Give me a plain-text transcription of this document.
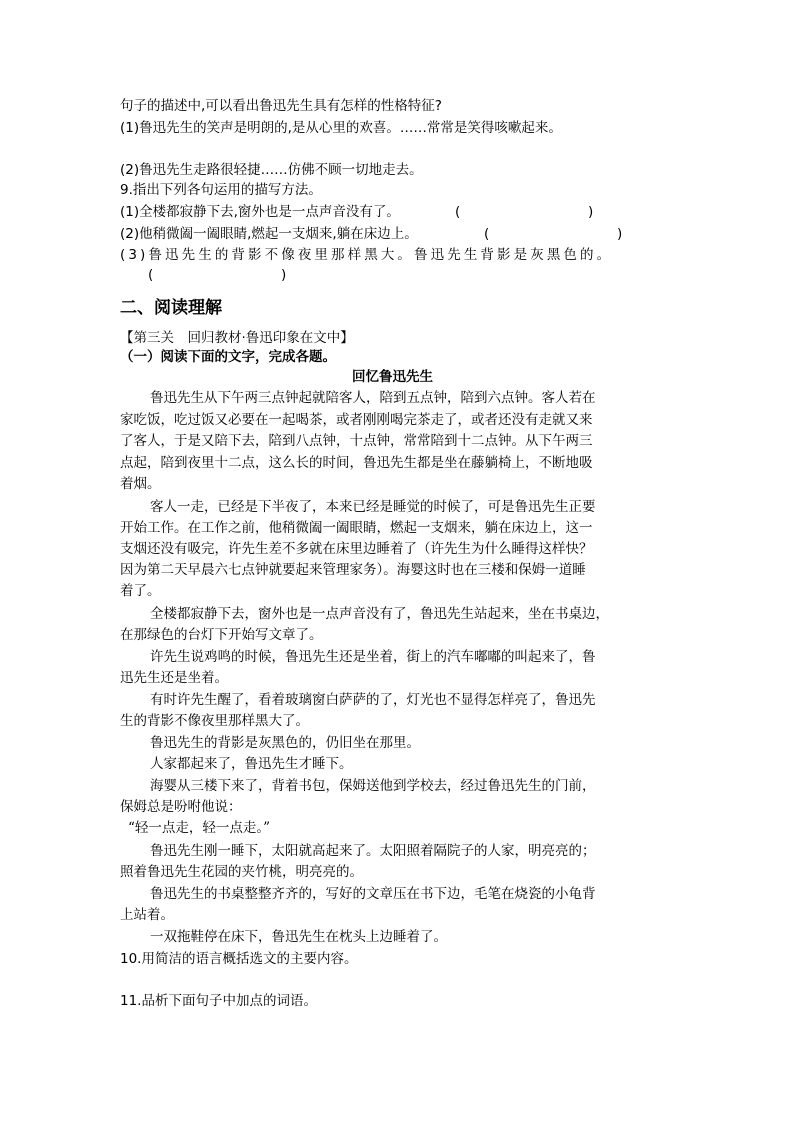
句子的描述中,可以看出鲁迅先生具有怎样的性格特征?
(1)鲁迅先生的笑声是明朗的,是从心里的欢喜。……常常是笑得咳嗽起来。
(2)鲁迅先生走路很轻捷……仿佛不顾一切地走去。
9.指出下列各句运用的描写方法。
(1)全楼都寂静下去,窗外也是一点声音没有了。	(	)
(2)他稍微阖一阖眼睛,燃起一支烟来,躺在床边上。	(	)
(3)鲁迅先生的背影不像夜里那样黑大。鲁迅先生背影是灰黑色的。
(	)
二、阅读理解
【第三关　回归教材·鲁迅印象在文中】
（一）阅读下面的文字，完成各题。
回忆鲁迅先生
鲁迅先生从下午两三点钟起就陪客人，陪到五点钟，陪到六点钟。客人若在
家吃饭，吃过饭又必要在一起喝茶，或者刚刚喝完茶走了，或者还没有走就又来
了客人，于是又陪下去，陪到八点钟，十点钟，常常陪到十二点钟。从下午两三
点起，陪到夜里十二点，这么长的时间，鲁迅先生都是坐在藤躺椅上，不断地吸
着烟。
客人一走，已经是下半夜了，本来已经是睡觉的时候了，可是鲁迅先生正要
开始工作。在工作之前，他稍微阖一阖眼睛，燃起一支烟来，躺在床边上，这一
支烟还没有吸完，许先生差不多就在床里边睡着了（许先生为什么睡得这样快？
因为第二天早晨六七点钟就要起来管理家务）。海婴这时也在三楼和保姆一道睡
着了。
全楼都寂静下去，窗外也是一点声音没有了，鲁迅先生站起来，坐在书桌边，
在那绿色的台灯下开始写文章了。
许先生说鸡鸣的时候，鲁迅先生还是坐着，街上的汽车嘟嘟的叫起来了，鲁
迅先生还是坐着。
有时许先生醒了，看着玻璃窗白萨萨的了，灯光也不显得怎样亮了，鲁迅先
生的背影不像夜里那样黑大了。
鲁迅先生的背影是灰黑色的，仍旧坐在那里。
人家都起来了，鲁迅先生才睡下。
海婴从三楼下来了，背着书包，保姆送他到学校去，经过鲁迅先生的门前，
保姆总是吩咐他说：
“轻一点走，轻一点走。”
鲁迅先生刚一睡下，太阳就高起来了。太阳照着隔院子的人家，明亮亮的；
照着鲁迅先生花园的夹竹桃，明亮亮的。
鲁迅先生的书桌整整齐齐的，写好的文章压在书下边，毛笔在烧瓷的小龟背
上站着。
一双拖鞋停在床下，鲁迅先生在枕头上边睡着了。
10.用简洁的语言概括选文的主要内容。
11.品析下面句子中加点的词语。
